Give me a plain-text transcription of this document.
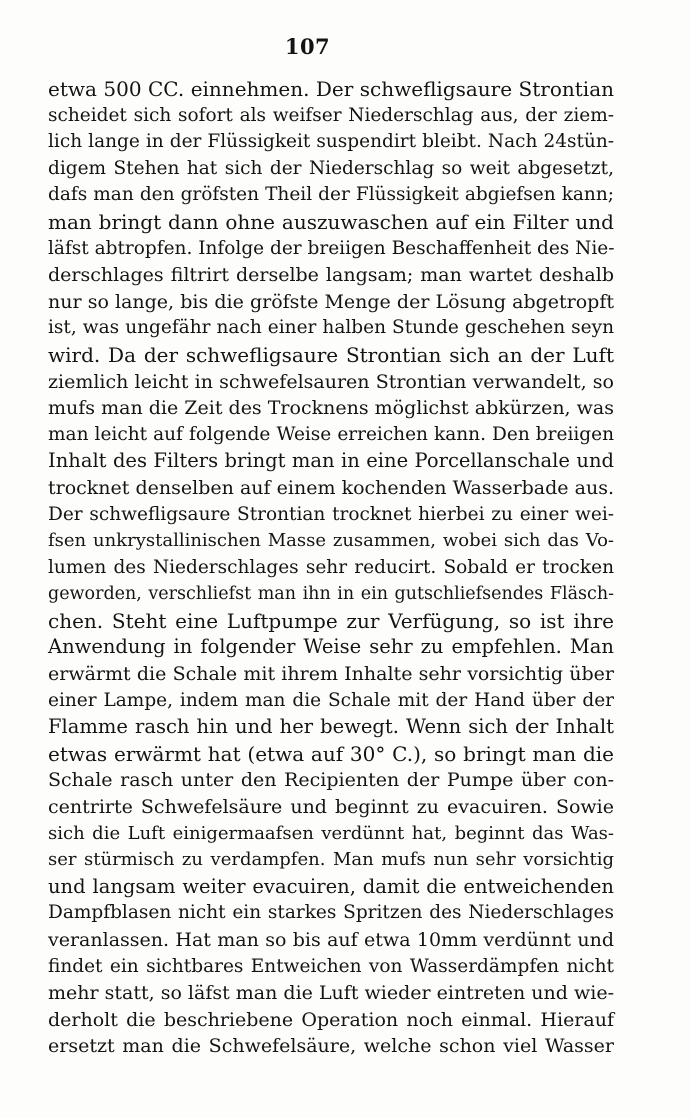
107
etwa 500 CC. einnehmen. Der schwefligsaure Strontian
scheidet sich sofort als weifser Niederschlag aus, der ziem-
lich lange in der Flüssigkeit suspendirt bleibt. Nach 24stün-
digem Stehen hat sich der Niederschlag so weit abgesetzt,
dafs man den gröfsten Theil der Flüssigkeit abgiefsen kann;
man bringt dann ohne auszuwaschen auf ein Filter und
läfst abtropfen. Infolge der breiigen Beschaffenheit des Nie-
derschlages filtrirt derselbe langsam; man wartet deshalb
nur so lange, bis die gröfste Menge der Lösung abgetropft
ist, was ungefähr nach einer halben Stunde geschehen seyn
wird. Da der schwefligsaure Strontian sich an der Luft
ziemlich leicht in schwefelsauren Strontian verwandelt, so
mufs man die Zeit des Trocknens möglichst abkürzen, was
man leicht auf folgende Weise erreichen kann. Den breiigen
Inhalt des Filters bringt man in eine Porcellanschale und
trocknet denselben auf einem kochenden Wasserbade aus.
Der schwefligsaure Strontian trocknet hierbei zu einer wei-
fsen unkrystallinischen Masse zusammen, wobei sich das Vo-
lumen des Niederschlages sehr reducirt. Sobald er trocken
geworden, verschliefst man ihn in ein gutschliefsendes Fläsch-
chen. Steht eine Luftpumpe zur Verfügung, so ist ihre
Anwendung in folgender Weise sehr zu empfehlen. Man
erwärmt die Schale mit ihrem Inhalte sehr vorsichtig über
einer Lampe, indem man die Schale mit der Hand über der
Flamme rasch hin und her bewegt. Wenn sich der Inhalt
etwas erwärmt hat (etwa auf 30° C.), so bringt man die
Schale rasch unter den Recipienten der Pumpe über con-
centrirte Schwefelsäure und beginnt zu evacuiren. Sowie
sich die Luft einigermaafsen verdünnt hat, beginnt das Was-
ser stürmisch zu verdampfen. Man mufs nun sehr vorsichtig
und langsam weiter evacuiren, damit die entweichenden
Dampfblasen nicht ein starkes Spritzen des Niederschlages
veranlassen. Hat man so bis auf etwa 10mm verdünnt und
findet ein sichtbares Entweichen von Wasserdämpfen nicht
mehr statt, so läfst man die Luft wieder eintreten und wie-
derholt die beschriebene Operation noch einmal. Hierauf
ersetzt man die Schwefelsäure, welche schon viel Wasser
